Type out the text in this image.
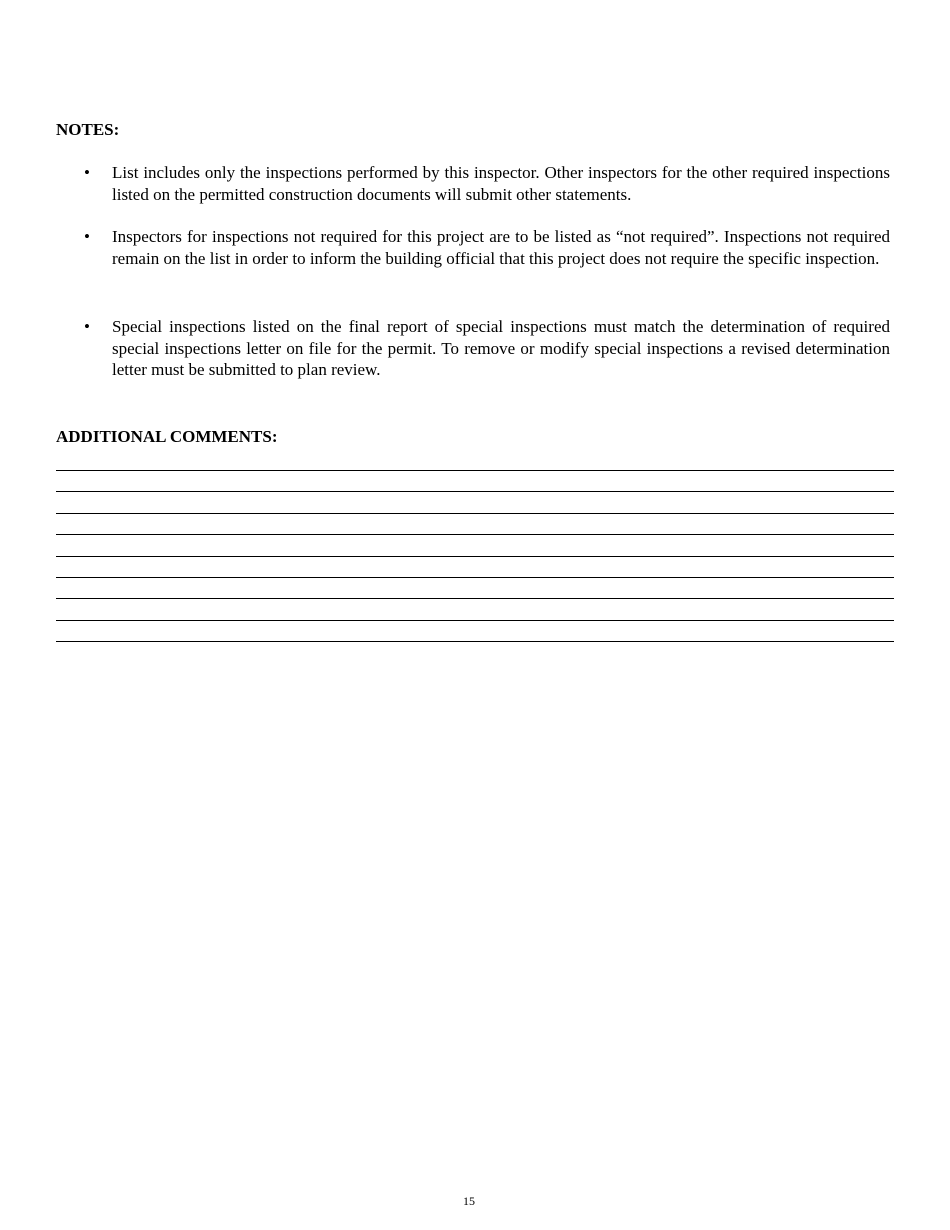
NOTES:
• List includes only the inspections performed by this inspector. Other inspectors for the other required inspections listed on the permitted construction documents will submit other statements.

• Inspectors for inspections not required for this project are to be listed as “not required”. Inspections not required remain on the list in order to inform the building official that this project does not require the specific inspection.

• Special inspections listed on the final report of special inspections must match the determination of required special inspections letter on file for the permit. To remove or modify special inspections a revised determination letter must be submitted to plan review.

ADDITIONAL COMMENTS:
15
